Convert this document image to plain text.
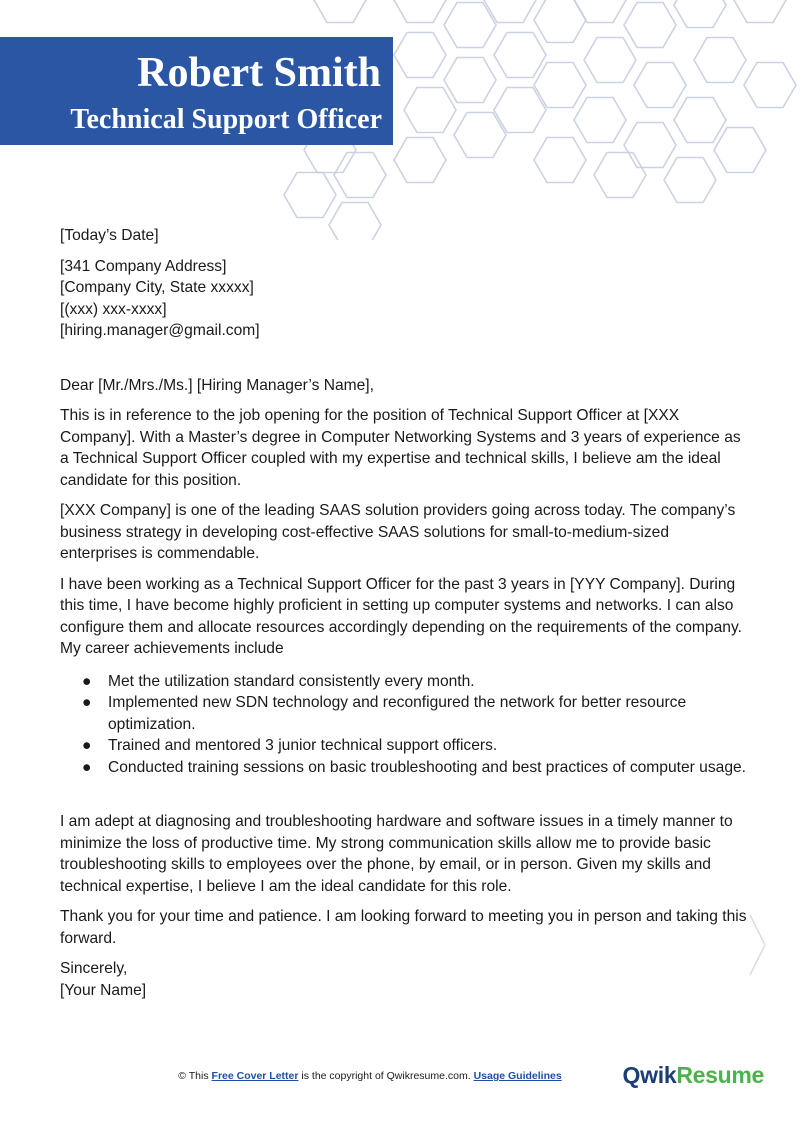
Robert Smith
Technical Support Officer

[Today’s Date]

[341 Company Address]

[Company City, State xxxxx]

[(xxx) xxx-xxxx]

[hiring.manager@gmail.com]

Dear [Mr./Mrs./Ms.] [Hiring Manager’s Name],

This is in reference to the job opening for the position of Technical Support Officer at [XXX Company]. With a Master’s degree in Computer Networking Systems and 3 years of experience as a Technical Support Officer coupled with my expertise and technical skills, I believe am the ideal candidate for this position.

[XXX Company] is one of the leading SAAS solution providers going across today. The company’s business strategy in developing cost-effective SAAS solutions for small-to-medium-sized enterprises is commendable.

I have been working as a Technical Support Officer for the past 3 years in [YYY Company]. During this time, I have become highly proficient in setting up computer systems and networks. I can also configure them and allocate resources accordingly depending on the requirements of the company. My career achievements include

● Met the utilization standard consistently every month.
● Implemented new SDN technology and reconfigured the network for better resource optimization.
● Trained and mentored 3 junior technical support officers.
● Conducted training sessions on basic troubleshooting and best practices of computer usage.

I am adept at diagnosing and troubleshooting hardware and software issues in a timely manner to minimize the loss of productive time. My strong communication skills allow me to provide basic troubleshooting skills to employees over the phone, by email, or in person. Given my skills and technical expertise, I believe I am the ideal candidate for this role.

Thank you for your time and patience. I am looking forward to meeting you in person and taking this forward.

Sincerely,

[Your Name]

© This Free Cover Letter is the copyright of Qwikresume.com. Usage Guidelines	QwikResume
